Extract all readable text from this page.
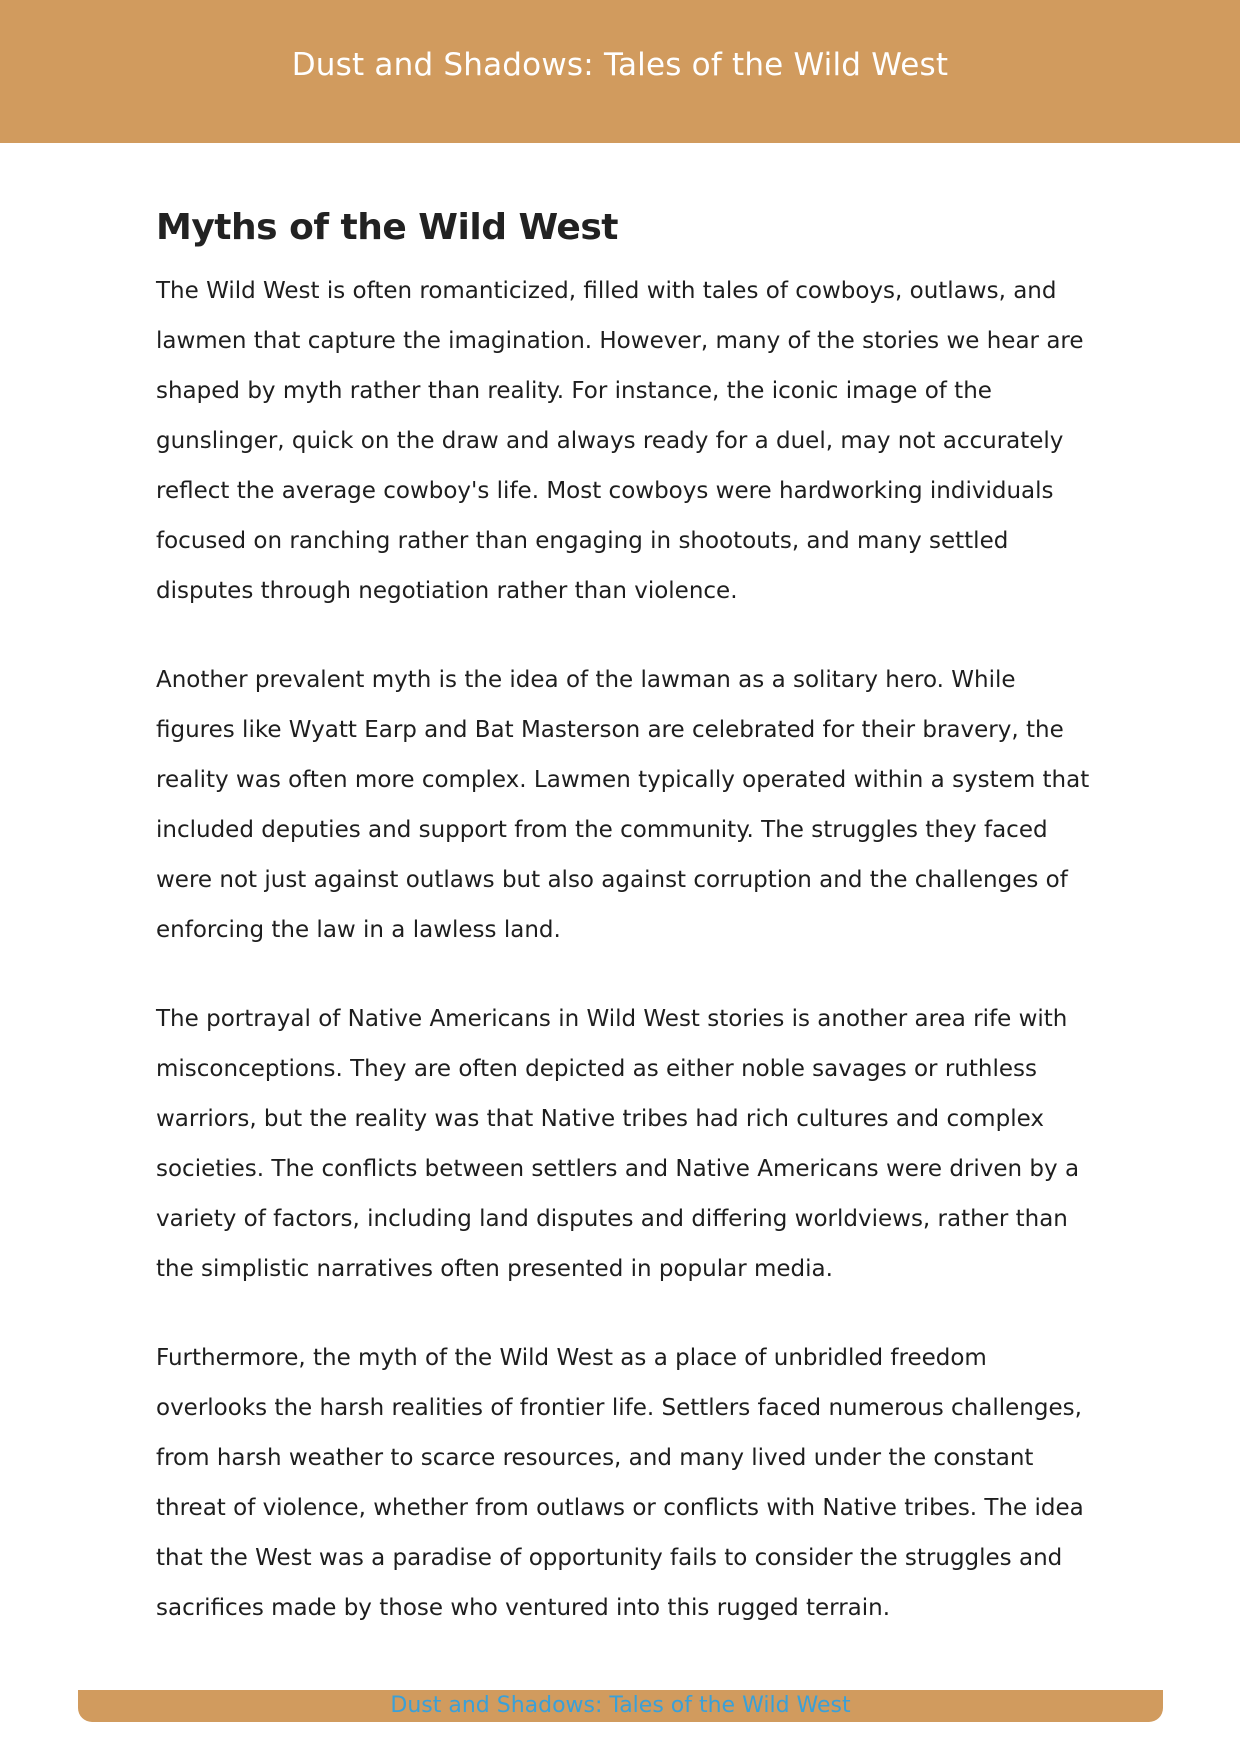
Dust and Shadows: Tales of the Wild West
Myths of the Wild West

The Wild West is often romanticized, filled with tales of cowboys, outlaws, and lawmen that capture the imagination. However, many of the stories we hear are shaped by myth rather than reality. For instance, the iconic image of the gunslinger, quick on the draw and always ready for a duel, may not accurately reflect the average cowboy's life. Most cowboys were hardworking individuals focused on ranching rather than engaging in shootouts, and many settled disputes through negotiation rather than violence.

Another prevalent myth is the idea of the lawman as a solitary hero. While figures like Wyatt Earp and Bat Masterson are celebrated for their bravery, the reality was often more complex. Lawmen typically operated within a system that included deputies and support from the community. The struggles they faced were not just against outlaws but also against corruption and the challenges of enforcing the law in a lawless land.

The portrayal of Native Americans in Wild West stories is another area rife with misconceptions. They are often depicted as either noble savages or ruthless warriors, but the reality was that Native tribes had rich cultures and complex societies. The conflicts between settlers and Native Americans were driven by a variety of factors, including land disputes and differing worldviews, rather than the simplistic narratives often presented in popular media.

Furthermore, the myth of the Wild West as a place of unbridled freedom overlooks the harsh realities of frontier life. Settlers faced numerous challenges, from harsh weather to scarce resources, and many lived under the constant threat of violence, whether from outlaws or conflicts with Native tribes. The idea that the West was a paradise of opportunity fails to consider the struggles and sacrifices made by those who ventured into this rugged terrain.

Dust and Shadows: Tales of the Wild West
